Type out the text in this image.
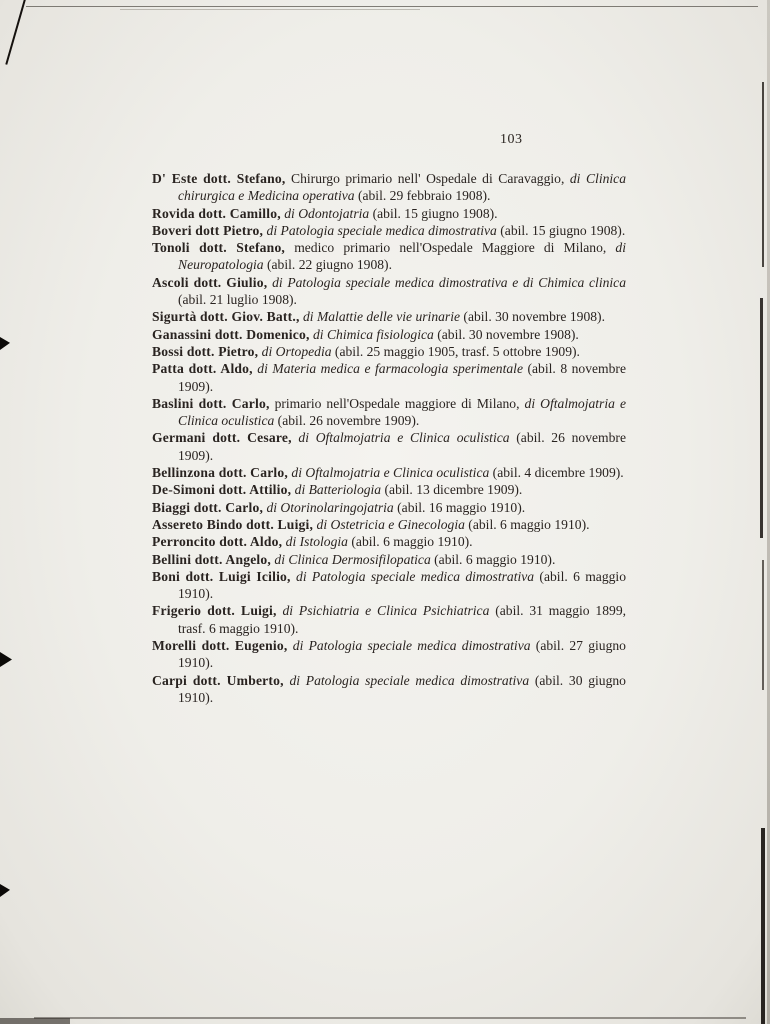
103

D' Este dott. Stefano, Chirurgo primario nell' Ospedale di Caravaggio, di Clinica chirurgica e Medicina operativa (abil. 29 febbraio 1908).

Rovida dott. Camillo, di Odontojatria (abil. 15 giugno 1908).

Boveri dott Pietro, di Patologia speciale medica dimostrativa (abil. 15 giugno 1908).

Tonoli dott. Stefano, medico primario nell'Ospedale Maggiore di Milano, di Neuropatologia (abil. 22 giugno 1908).

Ascoli dott. Giulio, di Patologia speciale medica dimostrativa e di Chimica clinica (abil. 21 luglio 1908).

Sigurtà dott. Giov. Batt., di Malattie delle vie urinarie (abil. 30 novembre 1908).

Ganassini dott. Domenico, di Chimica fisiologica (abil. 30 novembre 1908).

Bossi dott. Pietro, di Ortopedia (abil. 25 maggio 1905, trasf. 5 ottobre 1909).

Patta dott. Aldo, di Materia medica e farmacologia sperimentale (abil. 8 novembre 1909).

Baslini dott. Carlo, primario nell'Ospedale maggiore di Milano, di Oftalmojatria e Clinica oculistica (abil. 26 novembre 1909).

Germani dott. Cesare, di Oftalmojatria e Clinica oculistica (abil. 26 novembre 1909).

Bellinzona dott. Carlo, di Oftalmojatria e Clinica oculistica (abil. 4 dicembre 1909).

De-Simoni dott. Attilio, di Batteriologia (abil. 13 dicembre 1909).

Biaggi dott. Carlo, di Otorinolaringojatria (abil. 16 maggio 1910).

Assereto Bindo dott. Luigi, di Ostetricia e Ginecologia (abil. 6 maggio 1910).

Perroncito dott. Aldo, di Istologia (abil. 6 maggio 1910).

Bellini dott. Angelo, di Clinica Dermosifilopatica (abil. 6 maggio 1910).

Boni dott. Luigi Icilio, di Patologia speciale medica dimostrativa (abil. 6 maggio 1910).

Frigerio dott. Luigi, di Psichiatria e Clinica Psichiatrica (abil. 31 maggio 1899, trasf. 6 maggio 1910).

Morelli dott. Eugenio, di Patologia speciale medica dimostrativa (abil. 27 giugno 1910).

Carpi dott. Umberto, di Patologia speciale medica dimostrativa (abil. 30 giugno 1910).
